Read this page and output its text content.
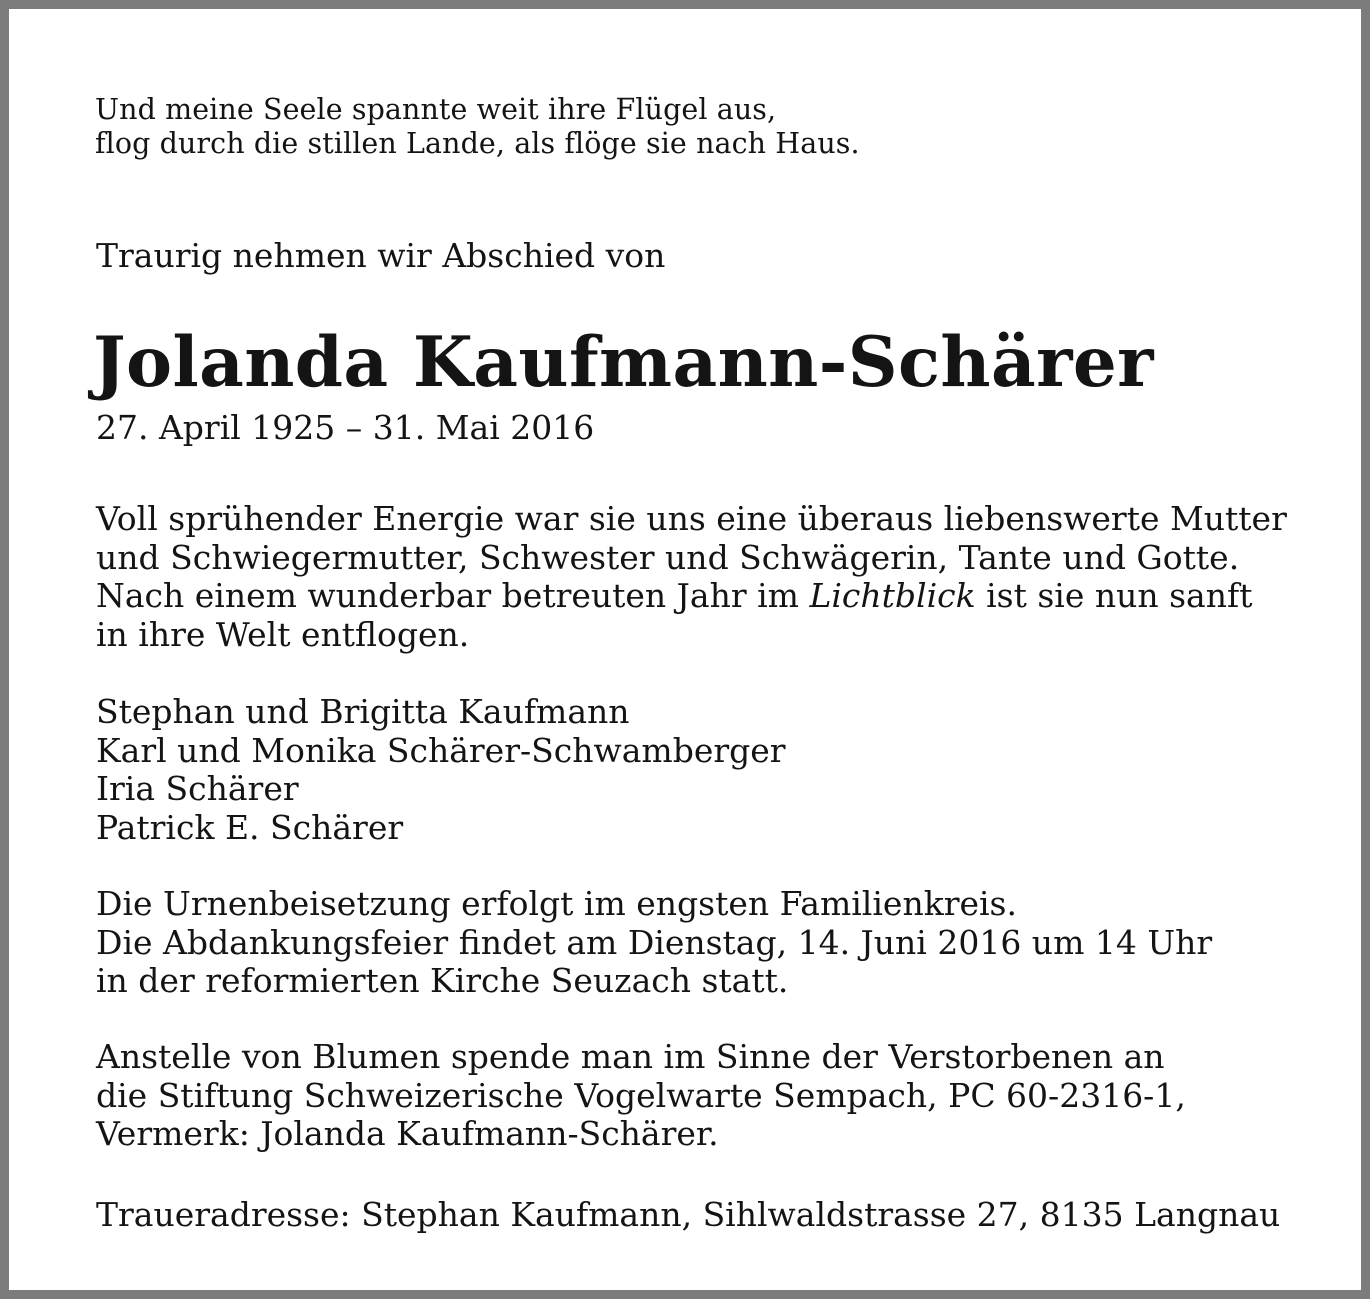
Und meine Seele spannte weit ihre Flügel aus,
flog durch die stillen Lande, als flöge sie nach Haus.
Traurig nehmen wir Abschied von
Jolanda Kaufmann-Schärer
27. April 1925 – 31. Mai 2016
Voll sprühender Energie war sie uns eine überaus liebenswerte Mutter
und Schwiegermutter, Schwester und Schwägerin, Tante und Gotte.
Nach einem wunderbar betreuten Jahr im Lichtblick ist sie nun sanft
in ihre Welt entflogen.
Stephan und Brigitta Kaufmann
Karl und Monika Schärer-Schwamberger
Iria Schärer
Patrick E. Schärer
Die Urnenbeisetzung erfolgt im engsten Familienkreis.
Die Abdankungsfeier findet am Dienstag, 14. Juni 2016 um 14 Uhr
in der reformierten Kirche Seuzach statt.
Anstelle von Blumen spende man im Sinne der Verstorbenen an
die Stiftung Schweizerische Vogelwarte Sempach, PC 60-2316-1,
Vermerk: Jolanda Kaufmann-Schärer.
Traueradresse: Stephan Kaufmann, Sihlwaldstrasse 27, 8135 Langnau
